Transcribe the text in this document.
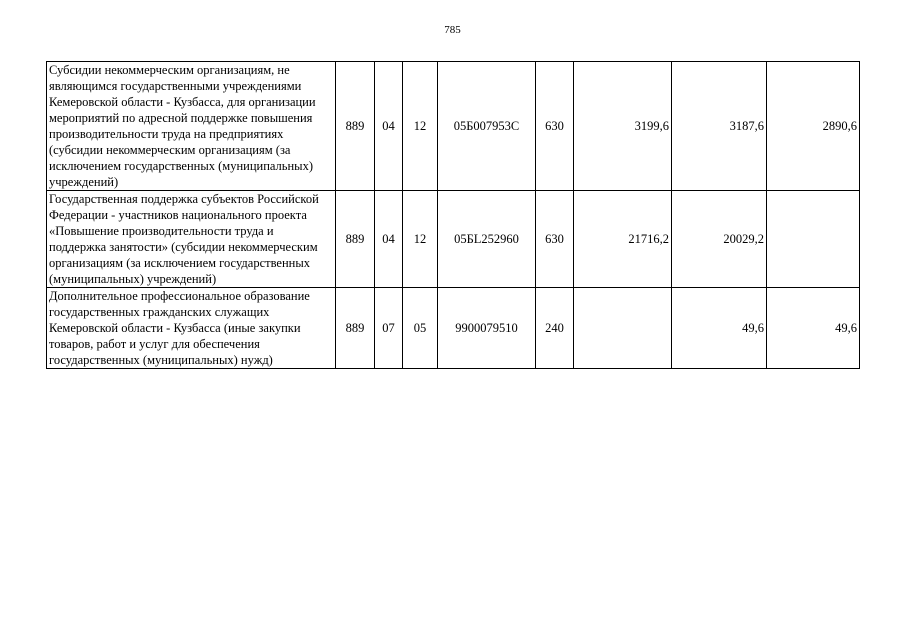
785
Субсидии некоммерческим организациям, не являющимся государственными учреждениями Кемеровской области - Кузбасса, для организации мероприятий по адресной поддержке повышения производительности труда на предприятиях (субсидии некоммерческим организациям (за исключением государственных (муниципальных) учреждений)	889	04	12	05Б007953С	630	3199,6	3187,6	2890,6
Государственная поддержка субъектов Российской Федерации - участников национального проекта «Повышение производительности труда и поддержка занятости» (субсидии некоммерческим организациям (за исключением государственных (муниципальных) учреждений)	889	04	12	05БL252960	630	21716,2	20029,2	
Дополнительное профессиональное образование государственных гражданских служащих Кемеровской области - Кузбасса (иные закупки товаров, работ и услуг для обеспечения государственных (муниципальных) нужд)	889	07	05	9900079510	240		49,6	49,6
